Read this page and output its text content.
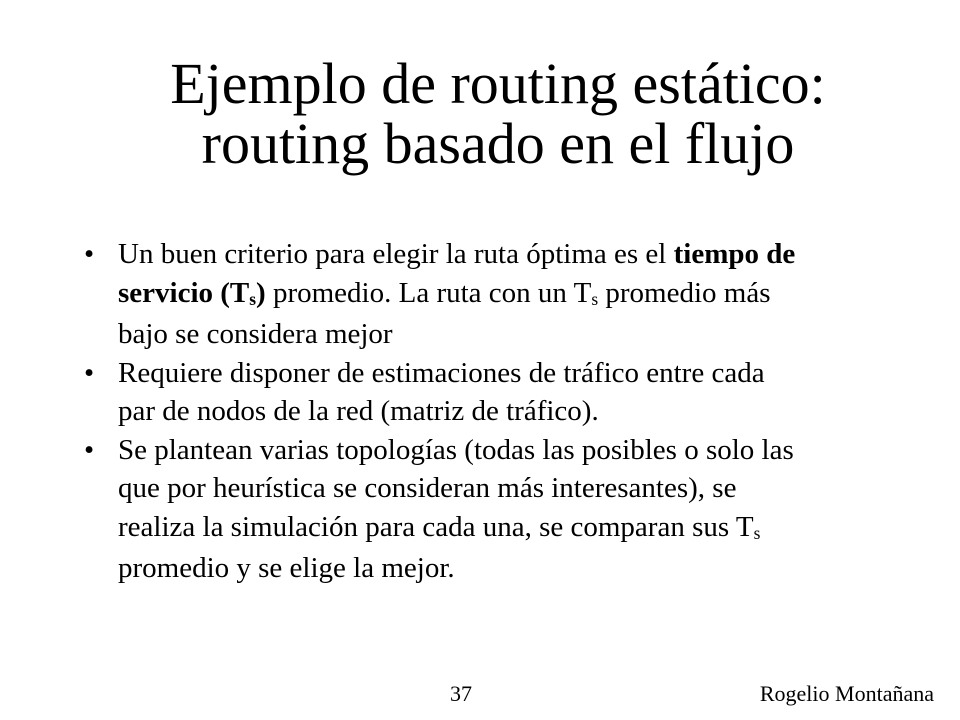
Ejemplo de routing estático:
routing basado en el flujo
• Un buen criterio para elegir la ruta óptima es el tiempo de
servicio (Ts) promedio. La ruta con un Ts promedio más
bajo se considera mejor
• Requiere disponer de estimaciones de tráfico entre cada
par de nodos de la red (matriz de tráfico).
• Se plantean varias topologías (todas las posibles o solo las
que por heurística se consideran más interesantes), se
realiza la simulación para cada una, se comparan sus Ts
promedio y se elige la mejor.
37	Rogelio Montañana
